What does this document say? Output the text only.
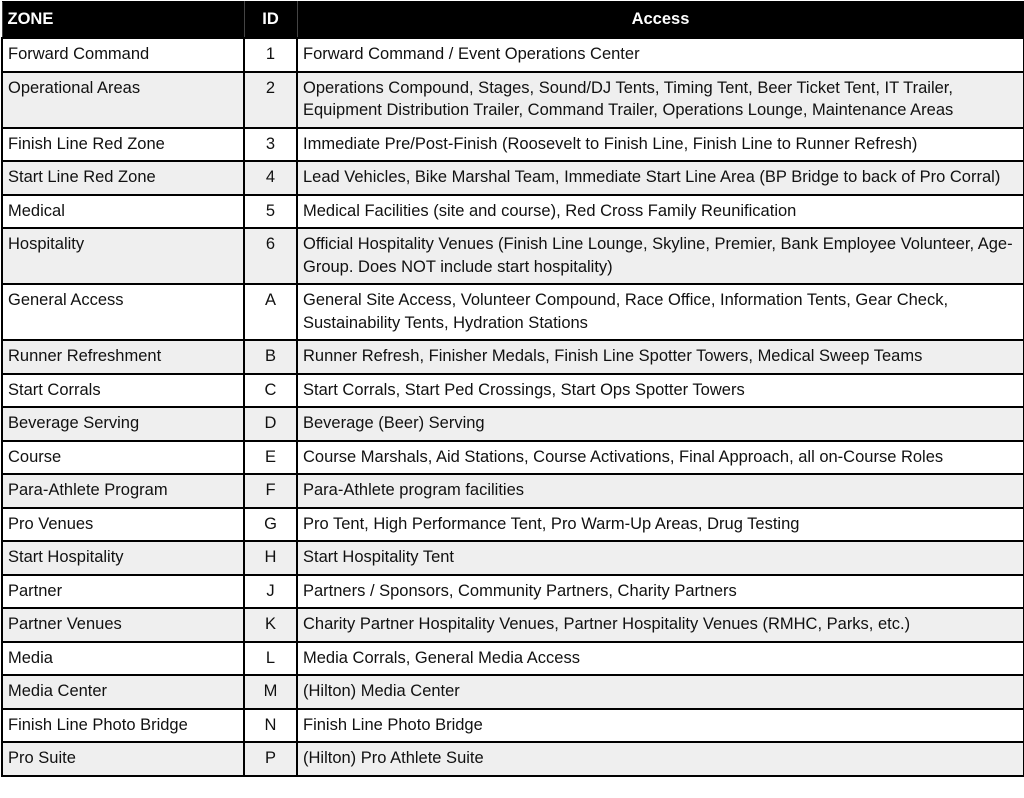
ZONE	ID	Access
Forward Command	1	Forward Command / Event Operations Center
Operational Areas	2	Operations Compound, Stages, Sound/DJ Tents, Timing Tent, Beer Ticket Tent, IT Trailer, Equipment Distribution Trailer, Command Trailer, Operations Lounge, Maintenance Areas
Finish Line Red Zone	3	Immediate Pre/Post-Finish (Roosevelt to Finish Line, Finish Line to Runner Refresh)
Start Line Red Zone	4	Lead Vehicles, Bike Marshal Team, Immediate Start Line Area (BP Bridge to back of Pro Corral)
Medical	5	Medical Facilities (site and course), Red Cross Family Reunification
Hospitality	6	Official Hospitality Venues (Finish Line Lounge, Skyline, Premier, Bank Employee Volunteer, Age-Group. Does NOT include start hospitality)
General Access	A	General Site Access, Volunteer Compound, Race Office, Information Tents, Gear Check, Sustainability Tents, Hydration Stations
Runner Refreshment	B	Runner Refresh, Finisher Medals, Finish Line Spotter Towers, Medical Sweep Teams
Start Corrals	C	Start Corrals, Start Ped Crossings, Start Ops Spotter Towers
Beverage Serving	D	Beverage (Beer) Serving
Course	E	Course Marshals, Aid Stations, Course Activations, Final Approach, all on-Course Roles
Para-Athlete Program	F	Para-Athlete program facilities
Pro Venues	G	Pro Tent, High Performance Tent, Pro Warm-Up Areas, Drug Testing
Start Hospitality	H	Start Hospitality Tent
Partner	J	Partners / Sponsors, Community Partners, Charity Partners
Partner Venues	K	Charity Partner Hospitality Venues, Partner Hospitality Venues (RMHC, Parks, etc.)
Media	L	Media Corrals, General Media Access
Media Center	M	(Hilton) Media Center
Finish Line Photo Bridge	N	Finish Line Photo Bridge
Pro Suite	P	(Hilton) Pro Athlete Suite
